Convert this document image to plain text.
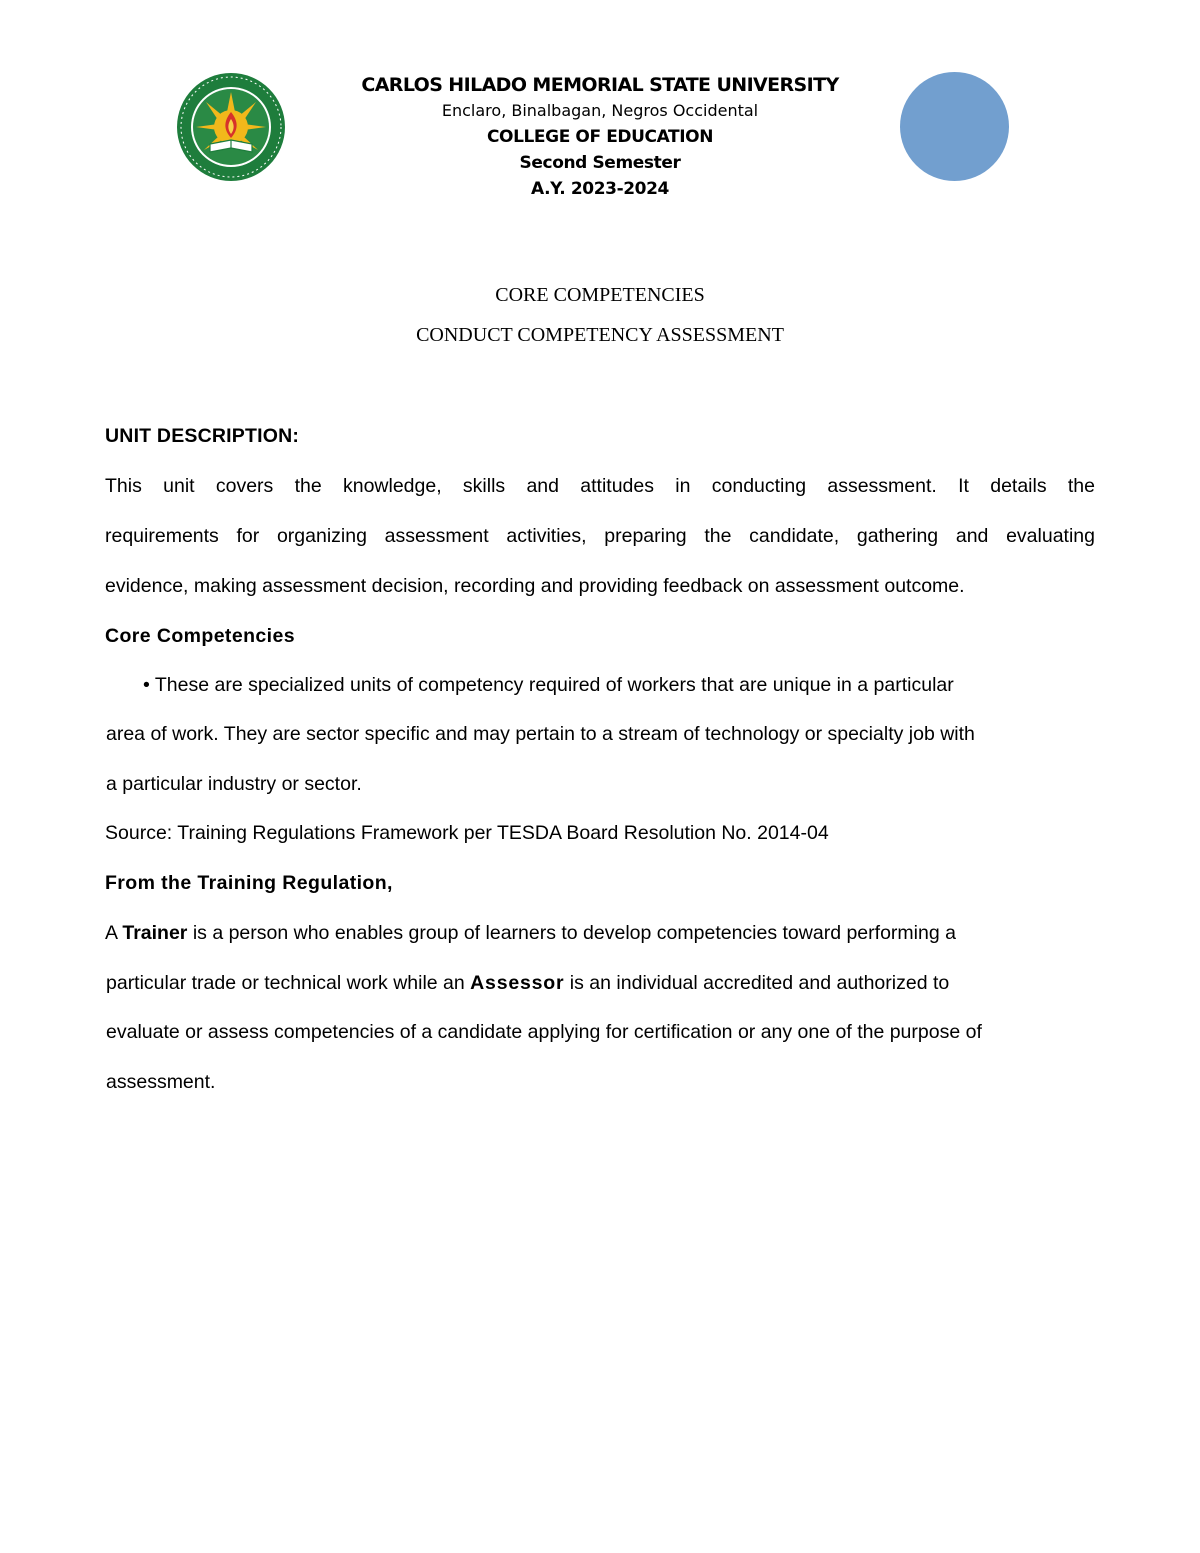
CARLOS HILADO MEMORIAL STATE UNIVERSITY
Enclaro, Binalbagan, Negros Occidental
COLLEGE OF EDUCATION
Second Semester
A.Y. 2023-2024
CORE COMPETENCIES
CONDUCT COMPETENCY ASSESSMENT
UNIT DESCRIPTION:
This unit covers the knowledge, skills and attitudes in conducting assessment. It details the
requirements for organizing assessment activities, preparing the candidate, gathering and evaluating
evidence, making assessment decision, recording and providing feedback on assessment outcome.
Core Competencies
• These are specialized units of competency required of workers that are unique in a particular
area of work. They are sector specific and may pertain to a stream of technology or specialty job with
a particular industry or sector.
Source: Training Regulations Framework per TESDA Board Resolution No. 2014-04
From the Training Regulation,
A Trainer is a person who enables group of learners to develop competencies toward performing a
particular trade or technical work while an Assessor is an individual accredited and authorized to
evaluate or assess competencies of a candidate applying for certification or any one of the purpose of
assessment.
